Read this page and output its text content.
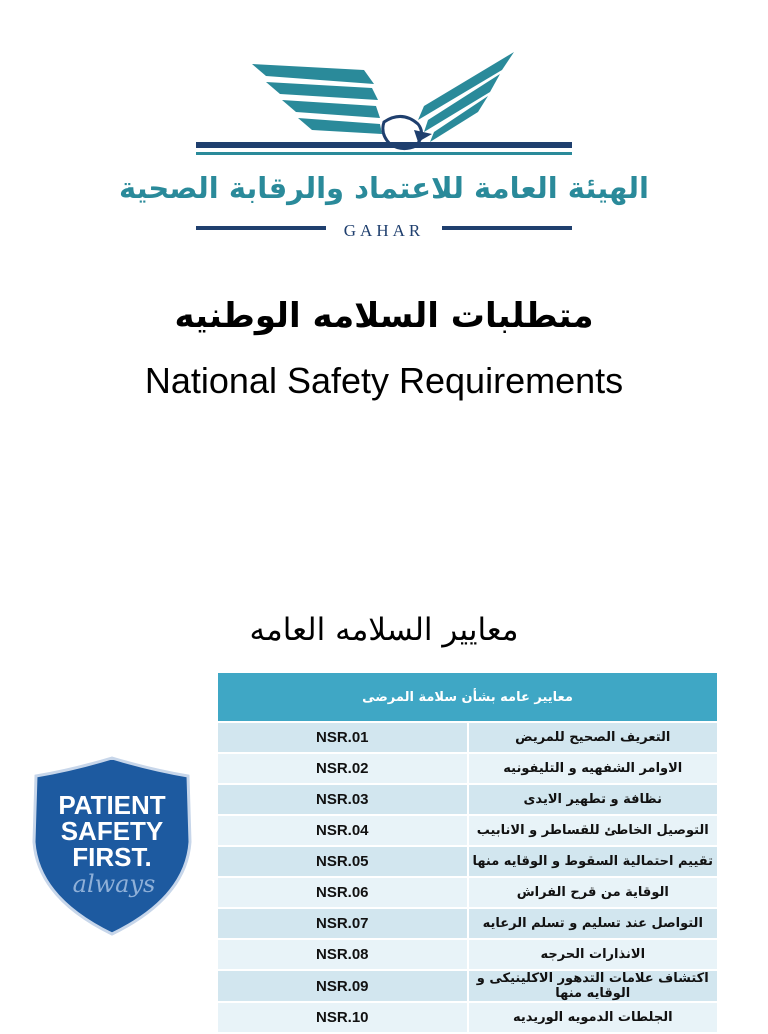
الهيئة العامة للاعتماد والرقابة الصحية
GAHAR
متطلبات السلامه الوطنيه
National Safety Requirements
معايير السلامه العامه
PATIENT
SAFETY
FIRST.
always
معايير عامه بشأن سلامة المرضى	
NSR.01	التعريف الصحيح للمريض
NSR.02	الاوامر الشفهيه و التليفونيه
NSR.03	نظافة و تطهير الايدى
NSR.04	التوصيل الخاطئ للقساطر و الانابيب
NSR.05	تقييم احتمالية السقوط و الوقايه منها
NSR.06	الوقاية من قرح الفراش
NSR.07	التواصل عند تسليم و تسلم الرعايه
NSR.08	الانذارات الحرجه
NSR.09	اكتشاف علامات التدهور الاكلينيكى و الوقايه منها
NSR.10	الجلطات الدمويه الوريديه
